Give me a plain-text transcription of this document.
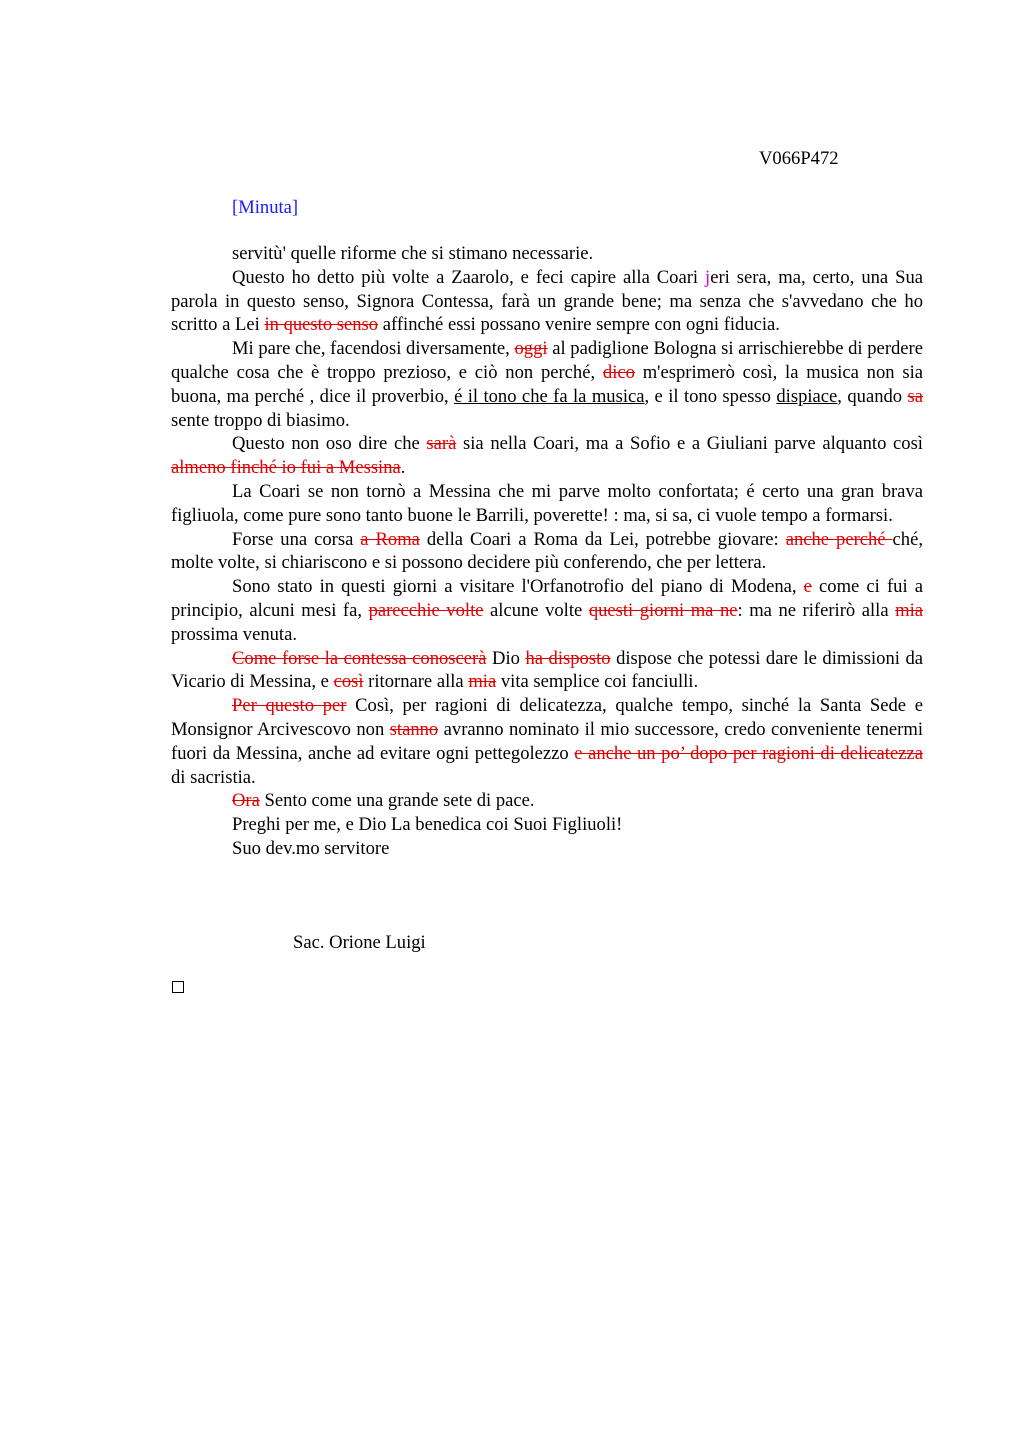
V066P472
[Minuta]

servitù' quelle riforme che si stimano necessarie.

Questo ho detto più volte a Zaarolo, e feci capire alla Coari jeri sera, ma, certo, una Sua parola in questo senso, Signora Contessa, farà un grande bene; ma senza che s'avvedano che ho scritto a Lei in questo senso affinché essi possano venire sempre con ogni fiducia.

Mi pare che, facendosi diversamente, oggi al padiglione Bologna si arrischierebbe di perdere qualche cosa che è troppo prezioso, e ciò non perché, dico m'esprimerò così, la musica non sia buona, ma perché , dice il proverbio, é il tono che fa la musica, e il tono spesso dispiace, quando sa sente troppo di biasimo.

Questo non oso dire che sarà sia nella Coari, ma a Sofio e a Giuliani parve alquanto così almeno finché io fui a Messina.

La Coari se non tornò a Messina che mi parve molto confortata; é certo una gran brava figliuola, come pure sono tanto buone le Barrili, poverette! : ma, si sa, ci vuole tempo a formarsi.

Forse una corsa a Roma della Coari a Roma da Lei, potrebbe giovare: anche perché ché, molte volte, si chiariscono e si possono decidere più conferendo, che per lettera.

Sono stato in questi giorni a visitare l'Orfanotrofio del piano di Modena, e come ci fui a principio, alcuni mesi fa, parecchie volte alcune volte questi giorni ma ne: ma ne riferirò alla mia prossima venuta.

Come forse la contessa conoscerà Dio ha disposto dispose che potessi dare le dimissioni da Vicario di Messina, e così ritornare alla mia vita semplice coi fanciulli.

Per questo per Così, per ragioni di delicatezza, qualche tempo, sinché la Santa Sede e Monsignor Arcivescovo non stanno avranno nominato il mio successore, credo conveniente tenermi fuori da Messina, anche ad evitare ogni pettegolezzo e anche un po’ dopo per ragioni di delicatezza di sacristia.

Ora Sento come una grande sete di pace.

Preghi per me, e Dio La benedica coi Suoi Figliuoli!

Suo dev.mo servitore

Sac. Orione Luigi
